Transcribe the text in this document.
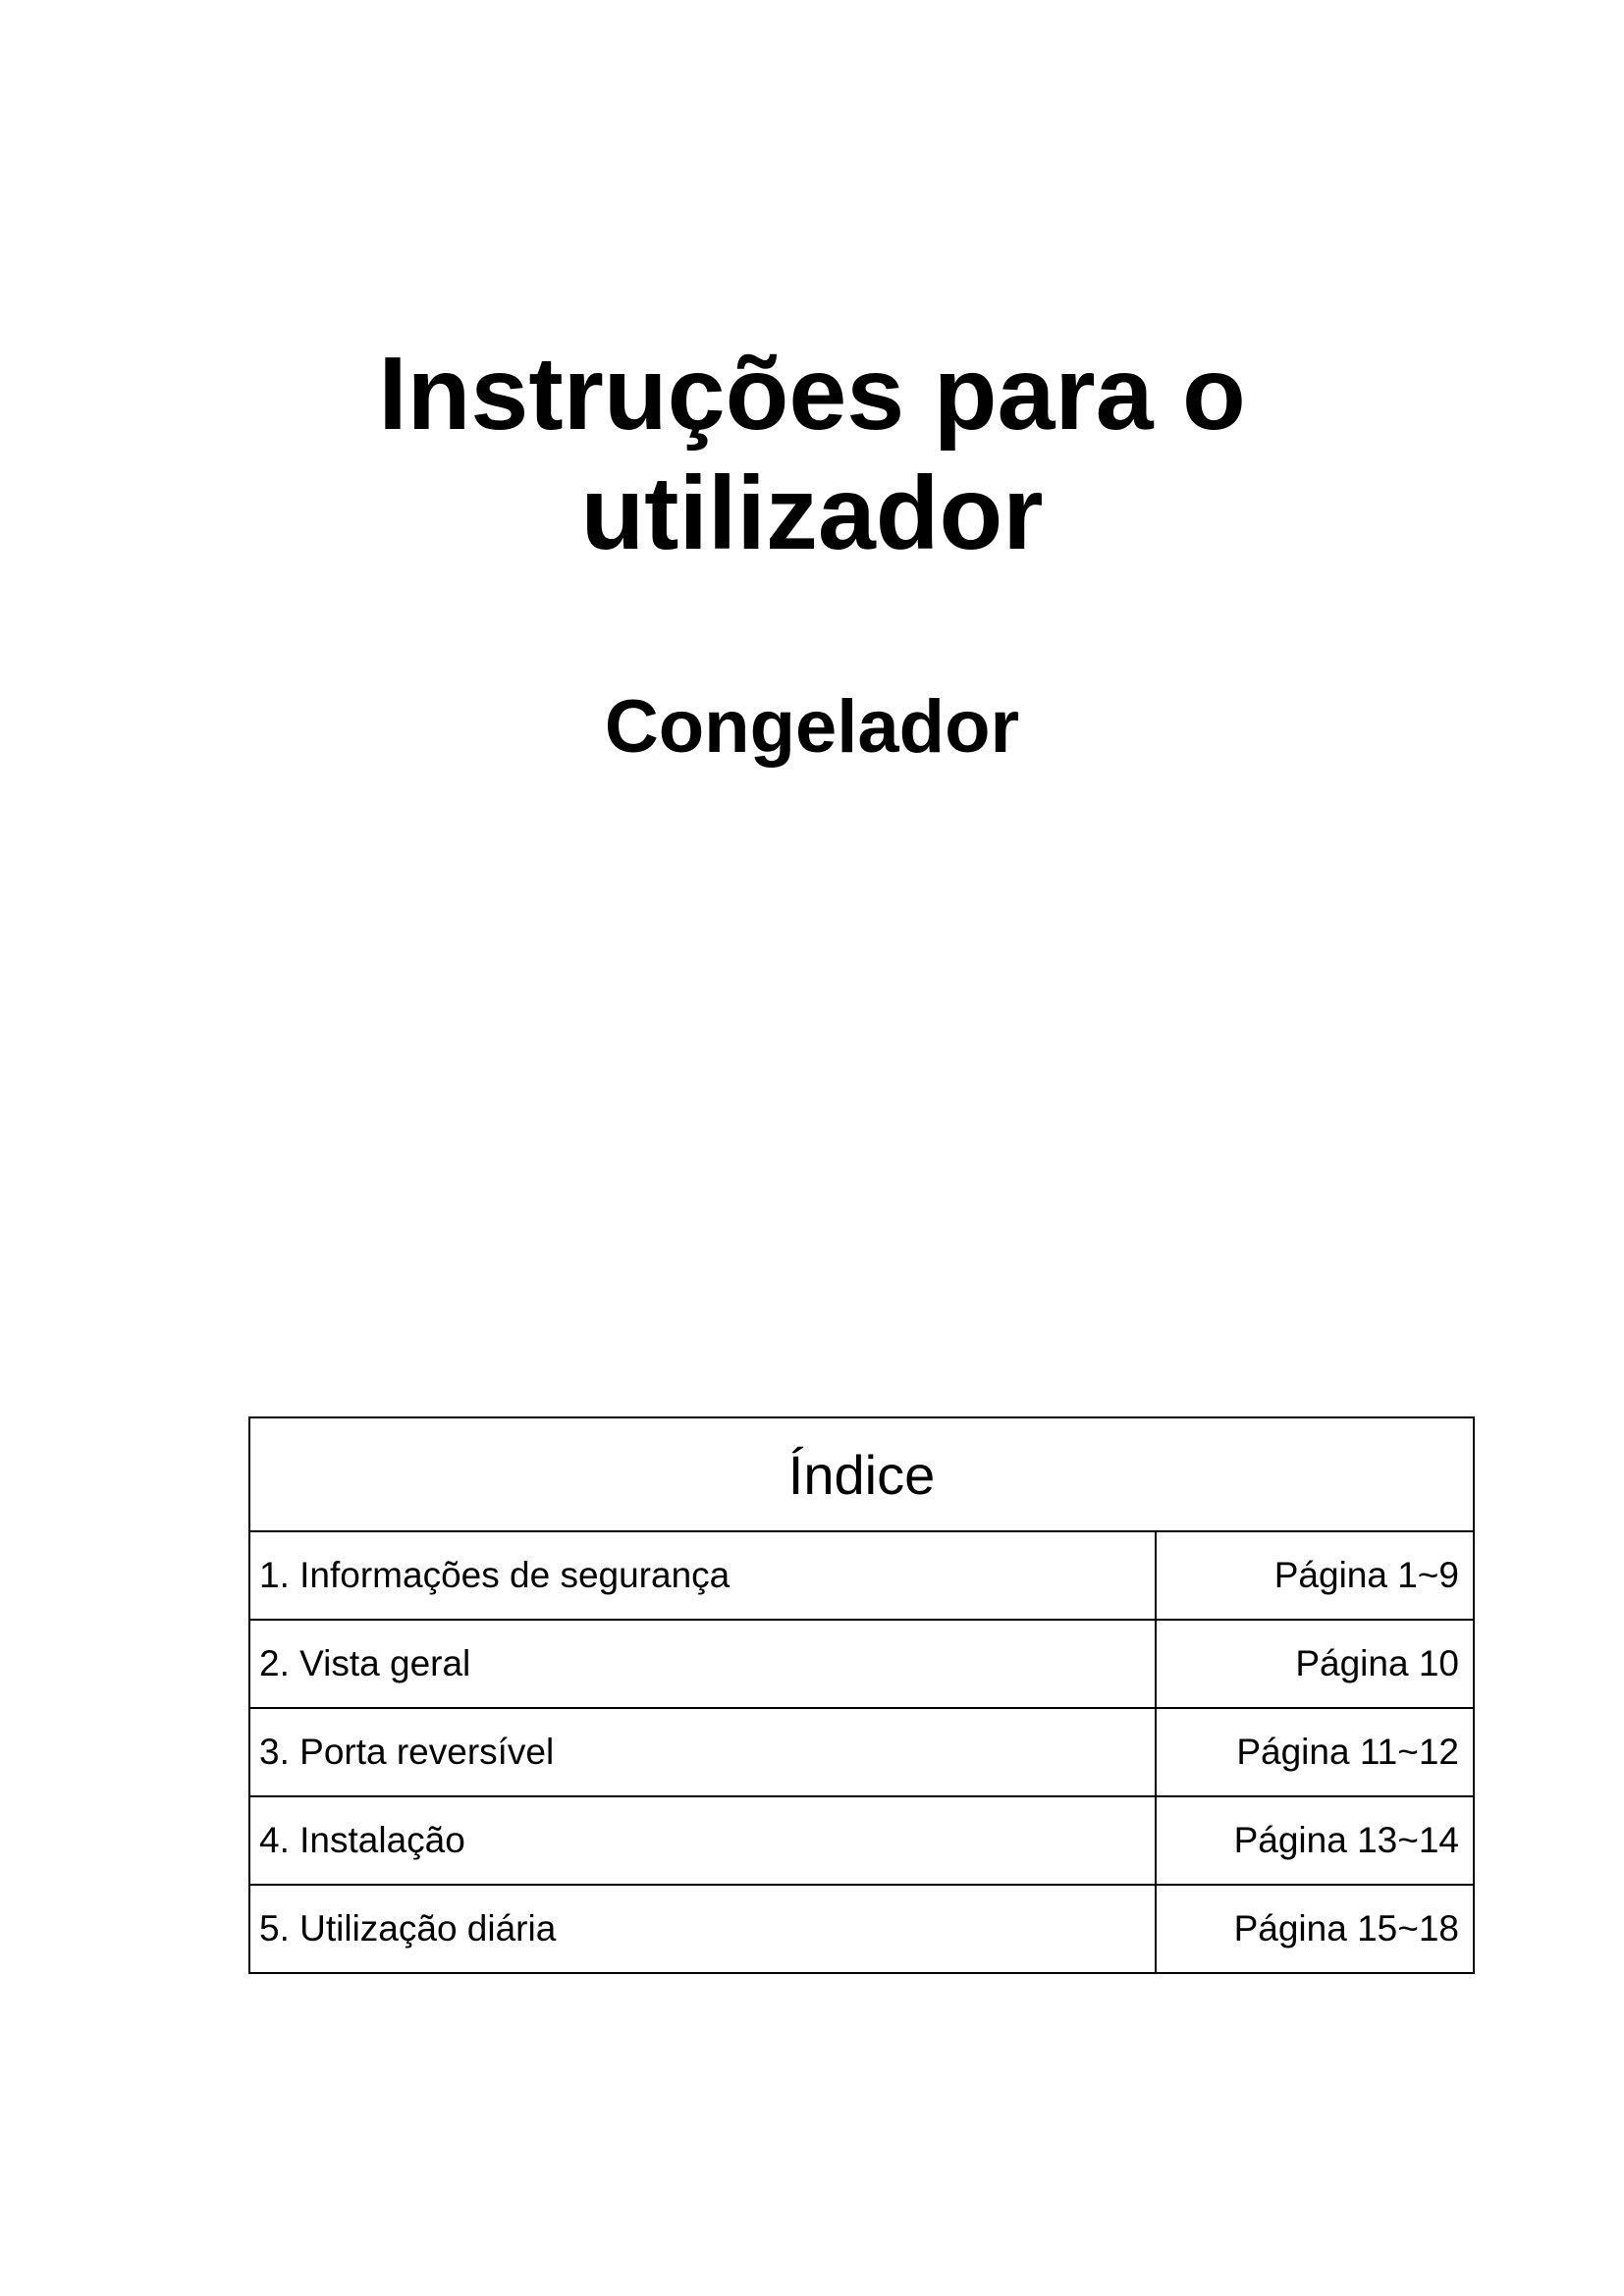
Instruções para o
utilizador
Congelador
Índice	
1. Informações de segurança	Página 1~9
2. Vista geral	Página 10
3. Porta reversível	Página 11~12
4. Instalação	Página 13~14
5. Utilização diária	Página 15~18
